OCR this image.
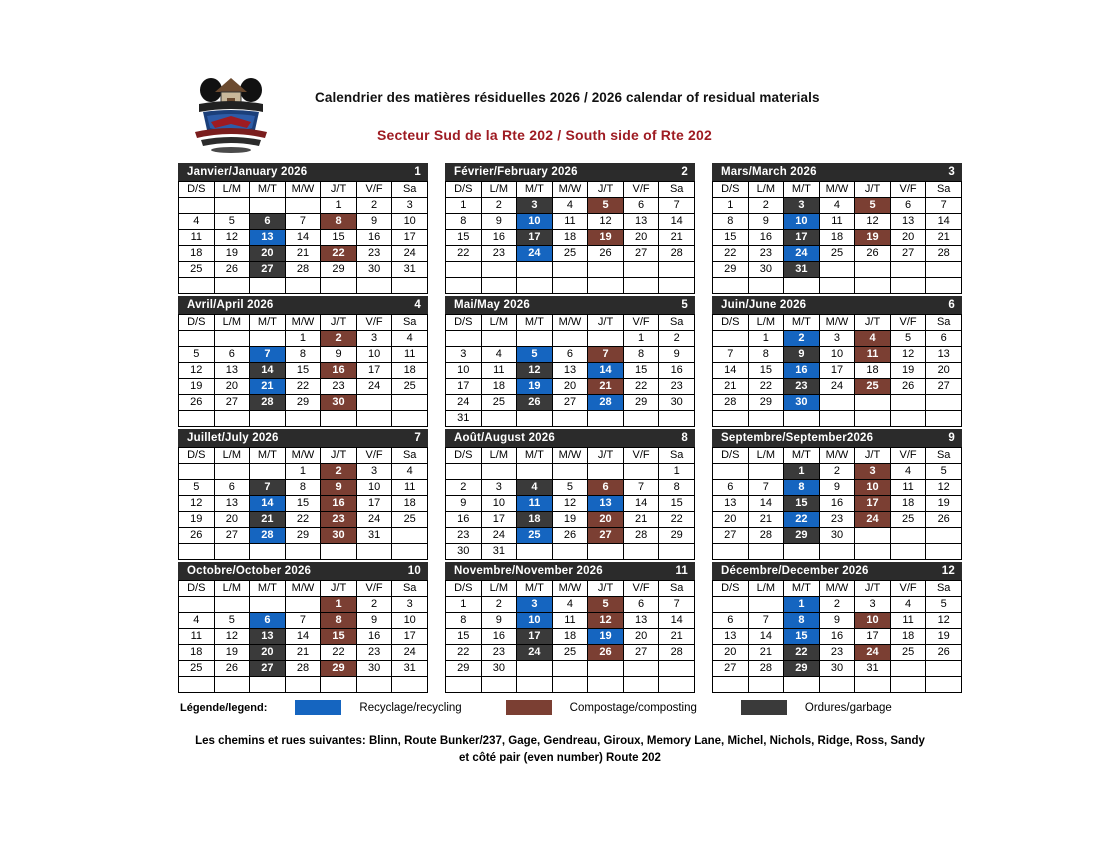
Calendrier des matières résiduelles 2026 / 2026 calendar of residual materials
Secteur Sud de la Rte 202 / South side of Rte 202
Janvier/January 2026	1
D/S	L/M	M/T	M/W	J/T	V/F	Sa
				1	2	3
4	5	6	7	8	9	10
11	12	13	14	15	16	17
18	19	20	21	22	23	24
25	26	27	28	29	30	31

Février/February 2026	2
D/S	L/M	M/T	M/W	J/T	V/F	Sa
1	2	3	4	5	6	7
8	9	10	11	12	13	14
15	16	17	18	19	20	21
22	23	24	25	26	27	28

Mars/March 2026	3
D/S	L/M	M/T	M/W	J/T	V/F	Sa
1	2	3	4	5	6	7
8	9	10	11	12	13	14
15	16	17	18	19	20	21
22	23	24	25	26	27	28
29	30	31				

Avril/April 2026	4
D/S	L/M	M/T	M/W	J/T	V/F	Sa
			1	2	3	4
5	6	7	8	9	10	11
12	13	14	15	16	17	18
19	20	21	22	23	24	25
26	27	28	29	30		

Mai/May 2026	5
D/S	L/M	M/T	M/W	J/T	V/F	Sa
					1	2
3	4	5	6	7	8	9
10	11	12	13	14	15	16
17	18	19	20	21	22	23
24	25	26	27	28	29	30
31						
Juin/June 2026	6
D/S	L/M	M/T	M/W	J/T	V/F	Sa
	1	2	3	4	5	6
7	8	9	10	11	12	13
14	15	16	17	18	19	20
21	22	23	24	25	26	27
28	29	30				

Juillet/July 2026	7
D/S	L/M	M/T	M/W	J/T	V/F	Sa
			1	2	3	4
5	6	7	8	9	10	11
12	13	14	15	16	17	18
19	20	21	22	23	24	25
26	27	28	29	30	31	

Août/August 2026	8
D/S	L/M	M/T	M/W	J/T	V/F	Sa
						1
2	3	4	5	6	7	8
9	10	11	12	13	14	15
16	17	18	19	20	21	22
23	24	25	26	27	28	29
30	31					
Septembre/September2026	9
D/S	L/M	M/T	M/W	J/T	V/F	Sa
		1	2	3	4	5
6	7	8	9	10	11	12
13	14	15	16	17	18	19
20	21	22	23	24	25	26
27	28	29	30			

Octobre/October 2026	10
D/S	L/M	M/T	M/W	J/T	V/F	Sa
				1	2	3
4	5	6	7	8	9	10
11	12	13	14	15	16	17
18	19	20	21	22	23	24
25	26	27	28	29	30	31

Novembre/November 2026	11
D/S	L/M	M/T	M/W	J/T	V/F	Sa
1	2	3	4	5	6	7
8	9	10	11	12	13	14
15	16	17	18	19	20	21
22	23	24	25	26	27	28
29	30					

Décembre/December 2026	12
D/S	L/M	M/T	M/W	J/T	V/F	Sa
		1	2	3	4	5
6	7	8	9	10	11	12
13	14	15	16	17	18	19
20	21	22	23	24	25	26
27	28	29	30	31		

Légende/legend:	Recyclage/recycling	Compostage/composting	Ordures/garbage
Les chemins et rues suivantes: Blinn, Route Bunker/237, Gage, Gendreau, Giroux, Memory Lane, Michel, Nichols, Ridge, Ross, Sandy
et côté pair (even number) Route 202
